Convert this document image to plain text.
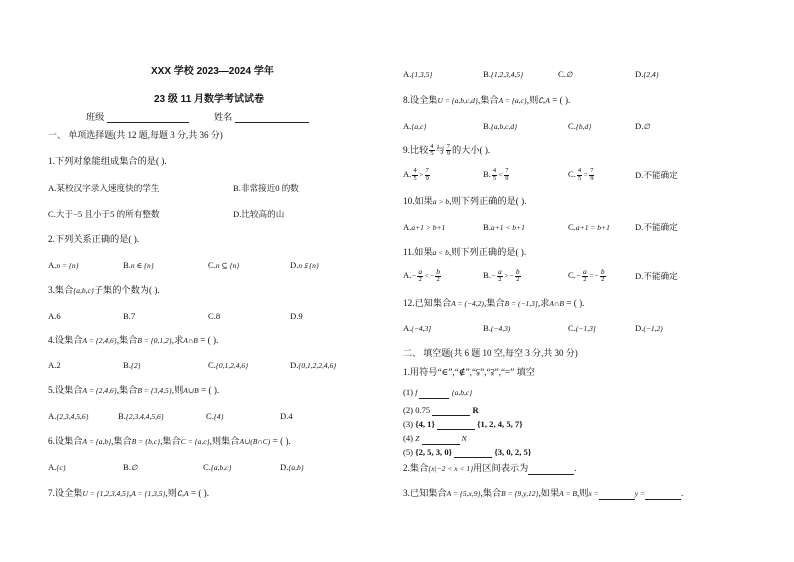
XXX 学校 2023—2024 学年
23 级 11 月数学考试试卷
班级	姓名
一、 单项选择题(共 12 题,每题 3 分,共 36 分)
1.下列对象能组成集合的是( ).
A.某校汉字录入速度快的学生	B.非常接近0 的数
C.大于−5 且小于5 的所有整数	D.比较高的山
2.下列关系正确的是( ).
A.n = {n}	B.n ∈ {n}	C.n ⊆ {n}	D.n ⫋ {n}
3.集合{a,b,c}子集的个数为( ).
A.6	B.7	C.8	D.9
4.设集合A = {2,4,6},集合B = {0,1,2},求A∩B = ( ).
A.2	B.{2}	C.{0,1,2,4,6}	D.{0,1,2,2,4,6}
5.设集合A = {2,4,6},集合B = {3,4,5},则A∪B = ( ).
A.{2,3,4,5,6}	B.{2,3,4,4,5,6}	C.{4}	D.4
6.设集合A = {a,b},集合B = {b,c},集合C = {a,c},则集合A∪(B∩C) = ( ).
A.{c}	B.∅	C.{a,b,c}	D.{a,b}
7.设全集U = {1,2,3,4,5},A = {1,3,5},则∁ᵤA = ( ).
A.{1,3,5}	B.{1,2,3,4,5}	C.∅	D.{2,4}
8.设全集U = {a,b,c,d},集合A = {a,c},则∁ᵤA = ( ).
A.{a,c}	B.{a,b,c,d}	C.{b,d}	D.∅
9.比较 $\frac{4}{5}$ 与 $\frac{7}{9}$ 的大小( ).
A. $\frac{4}{5} > \frac{7}{9}$	B. $\frac{4}{5} < \frac{7}{9}$	C. $\frac{4}{5} = \frac{7}{9}$	D.不能确定
10.如果a > b,则下列正确的是( ).
A.a+1 > b+1	B.a+1 < b+1	C.a+1 = b+1	D.不能确定
11.如果a < b,则下列正确的是( ).
$A.- \frac{a}{2} <- \frac{b}{2}$	$B.- \frac{a}{2} >- \frac{b}{2}$	$C.- \frac{a}{2} =- \frac{b}{2}$	D.不能确定
12.已知集合A = (−4,2),集合B = (−1,3],求A∩B = ( ).
A.(−4,3]	B.(−4,3)	C.(−1,3]	D.(−1,2)
二、 填空题(共 6 题 10 空,每空 3 分,共 30 分)
1.用符号“∈”,“∉”,“⫋”,“⫌”,“=” 填空
(1) f	{a,b,c}
(2) 0.75	R
(3) {4, 1}	{1, 2, 4, 5, 7}
(4) Z	N
(5) {2, 5, 3, 0}	{3, 0, 2, 5}
2.集合{x|−2 < x < 1}用区间表示为	.
3.已知集合A = {5,x,9},集合B = {9,y,12},如果A = B,则x =	y =	.
